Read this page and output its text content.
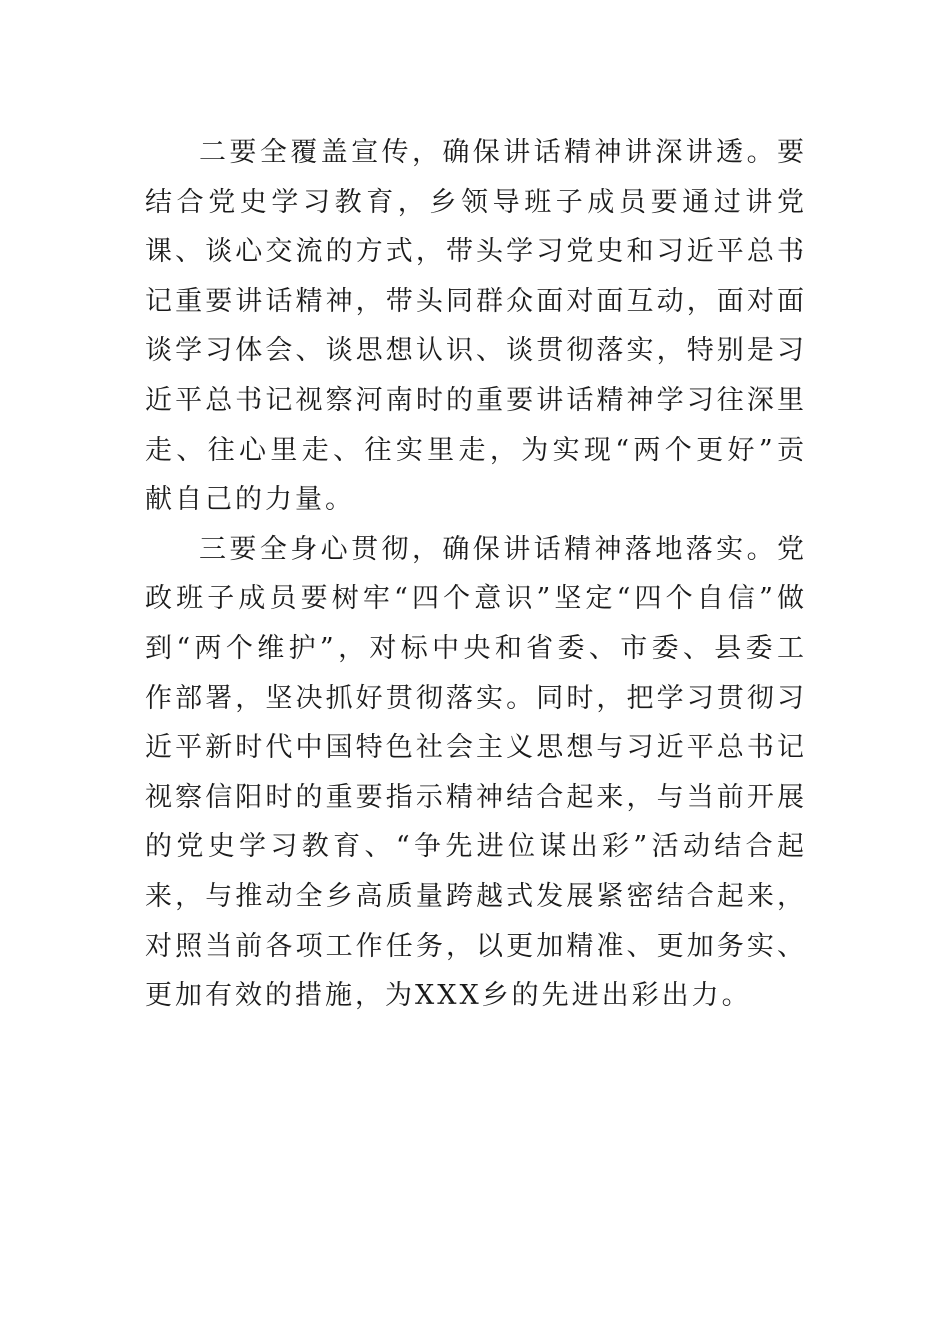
二要全覆盖宣传，确保讲话精神讲深讲透。要结合党史学习教育，乡领导班子成员要通过讲党课、谈心交流的方式，带头学习党史和习近平总书记重要讲话精神，带头同群众面对面互动，面对面谈学习体会、谈思想认识、谈贯彻落实，特别是习近平总书记视察河南时的重要讲话精神学习往深里走、往心里走、往实里走，为实现“两个更好”贡献自己的力量。

三要全身心贯彻，确保讲话精神落地落实。党政班子成员要树牢“四个意识”坚定“四个自信”做到“两个维护”，对标中央和省委、市委、县委工作部署，坚决抓好贯彻落实。同时，把学习贯彻习近平新时代中国特色社会主义思想与习近平总书记视察信阳时的重要指示精神结合起来，与当前开展的党史学习教育、“争先进位谋出彩”活动结合起来，与推动全乡高质量跨越式发展紧密结合起来，对照当前各项工作任务，以更加精准、更加务实、更加有效的措施，为XXX乡的先进出彩出力。
